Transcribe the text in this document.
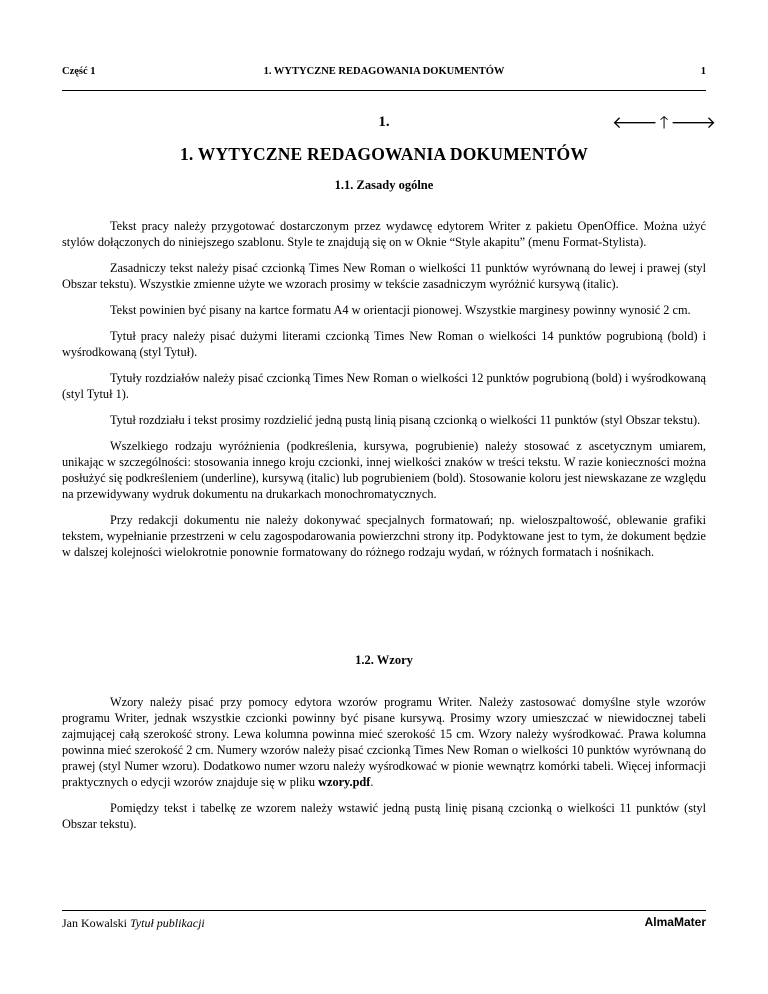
Część 1	1. WYTYCZNE REDAGOWANIA DOKUMENTÓW	1
1.	🡐🡑🡒
1. WYTYCZNE REDAGOWANIA DOKUMENTÓW
1.1. Zasady ogólne

Tekst pracy należy przygotować dostarczonym przez wydawcę edytorem Writer z pakietu OpenOffice. Można użyć stylów dołączonych do niniejszego szablonu. Style te znajdują się on w Oknie “Style akapitu” (menu Format-Stylista).

Zasadniczy tekst należy pisać czcionką Times New Roman o wielkości 11 punktów wyrównaną do lewej i prawej (styl Obszar tekstu). Wszystkie zmienne użyte we wzorach prosimy w tekście zasadniczym wyróżnić kursywą (italic).

Tekst powinien być pisany na kartce formatu A4 w orientacji pionowej. Wszystkie marginesy powinny wynosić 2 cm.

Tytuł pracy należy pisać dużymi literami czcionką Times New Roman o wielkości 14 punktów pogrubioną (bold) i wyśrodkowaną (styl Tytuł).

Tytuły rozdziałów należy pisać czcionką Times New Roman o wielkości 12 punktów pogrubioną (bold) i wyśrodkowaną (styl Tytuł 1).

Tytuł rozdziału i tekst prosimy rozdzielić jedną pustą linią pisaną czcionką o wielkości 11 punktów (styl Obszar tekstu).

Wszelkiego rodzaju wyróżnienia (podkreślenia, kursywa, pogrubienie) należy stosować z ascetycznym umiarem, unikając w szczególności: stosowania innego kroju czcionki, innej wielkości znaków w treści tekstu. W razie konieczności można posłużyć się podkreśleniem (underline), kursywą (italic) lub pogrubieniem (bold). Stosowanie koloru jest niewskazane ze względu na przewidywany wydruk dokumentu na drukarkach monochromatycznych.

Przy redakcji dokumentu nie należy dokonywać specjalnych formatowań; np. wieloszpaltowość, oblewanie grafiki tekstem, wypełnianie przestrzeni w celu zagospodarowania powierzchni strony itp. Podyktowane jest to tym, że dokument będzie w dalszej kolejności wielokrotnie ponownie formatowany do różnego rodzaju wydań, w różnych formatach i nośnikach.

1.2. Wzory

Wzory należy pisać przy pomocy edytora wzorów programu Writer. Należy zastosować domyślne style wzorów programu Writer, jednak wszystkie czcionki powinny być pisane kursywą. Prosimy wzory umieszczać w niewidocznej tabeli zajmującej całą szerokość strony. Lewa kolumna powinna mieć szerokość 15 cm. Wzory należy wyśrodkować. Prawa kolumna powinna mieć szerokość 2 cm. Numery wzorów należy pisać czcionką Times New Roman o wielkości 10 punktów wyrównaną do prawej (styl Numer wzoru). Dodatkowo numer wzoru należy wyśrodkować w pionie wewnątrz komórki tabeli. Więcej informacji praktycznych o edycji wzorów znajduje się w pliku wzory.pdf.

Pomiędzy tekst i tabelkę ze wzorem należy wstawić jedną pustą linię pisaną czcionką o wielkości 11 punktów (styl Obszar tekstu).

Jan Kowalski Tytuł publikacji	AlmaMater
